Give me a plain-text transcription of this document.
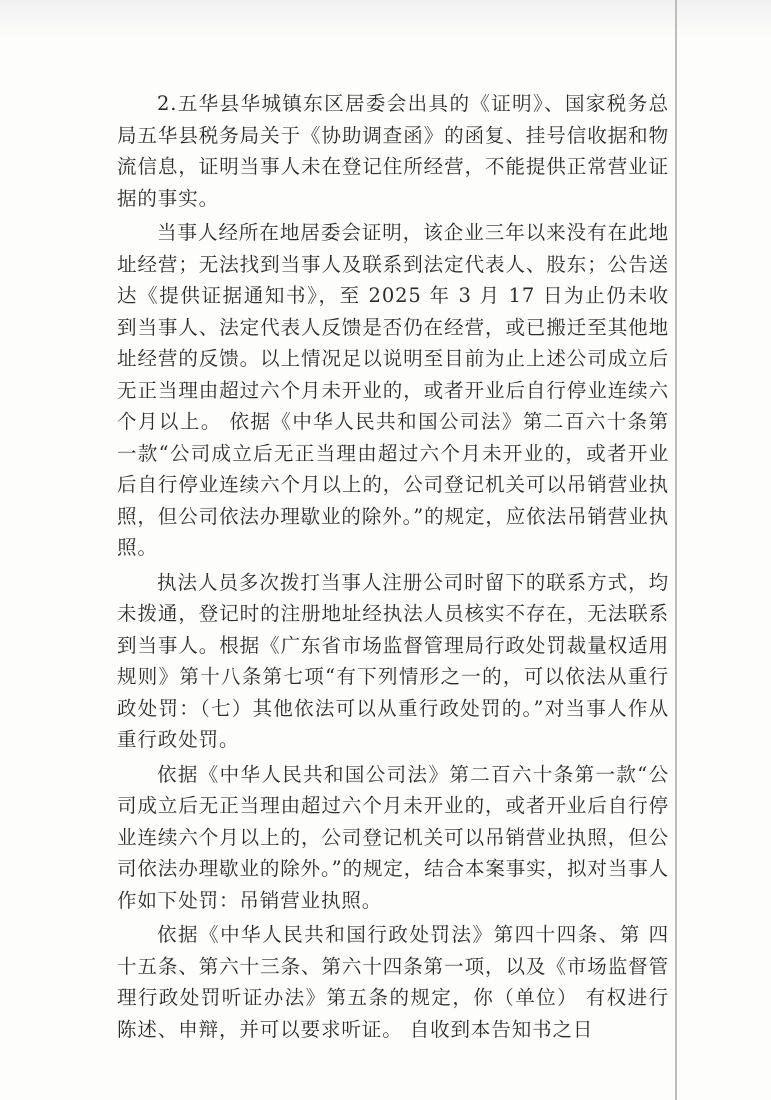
2.五华县华城镇东区居委会出具的《证明》、国家税务总局五华县税务局关于《协助调查函》的函复、挂号信收据和物流信息，证明当事人未在登记住所经营，不能提供正常营业证据的事实。

当事人经所在地居委会证明，该企业三年以来没有在此地址经营；无法找到当事人及联系到法定代表人、股东；公告送达《提供证据通知书》，至 2025 年 3 月 17 日为止仍未收到当事人、法定代表人反馈是否仍在经营，或已搬迁至其他地址经营的反馈。以上情况足以说明至目前为止上述公司成立后无正当理由超过六个月未开业的，或者开业后自行停业连续六个月以上。 依据《中华人民共和国公司法》第二百六十条第一款“公司成立后无正当理由超过六个月未开业的，或者开业后自行停业连续六个月以上的，公司登记机关可以吊销营业执照，但公司依法办理歇业的除外。”的规定，应依法吊销营业执照。

执法人员多次拨打当事人注册公司时留下的联系方式，均未拨通，登记时的注册地址经执法人员核实不存在，无法联系到当事人。根据《广东省市场监督管理局行政处罚裁量权适用规则》第十八条第七项“有下列情形之一的，可以依法从重行政处罚：（七）其他依法可以从重行政处罚的。”对当事人作从重行政处罚。

依据《中华人民共和国公司法》第二百六十条第一款“公司成立后无正当理由超过六个月未开业的，或者开业后自行停业连续六个月以上的，公司登记机关可以吊销营业执照，但公司依法办理歇业的除外。”的规定，结合本案事实，拟对当事人作如下处罚：吊销营业执照。

依据《中华人民共和国行政处罚法》第四十四条、第 四十五条、第六十三条、第六十四条第一项，以及《市场监督管理行政处罚听证办法》第五条的规定，你（单位） 有权进行陈述、申辩，并可以要求听证。 自收到本告知书之日
